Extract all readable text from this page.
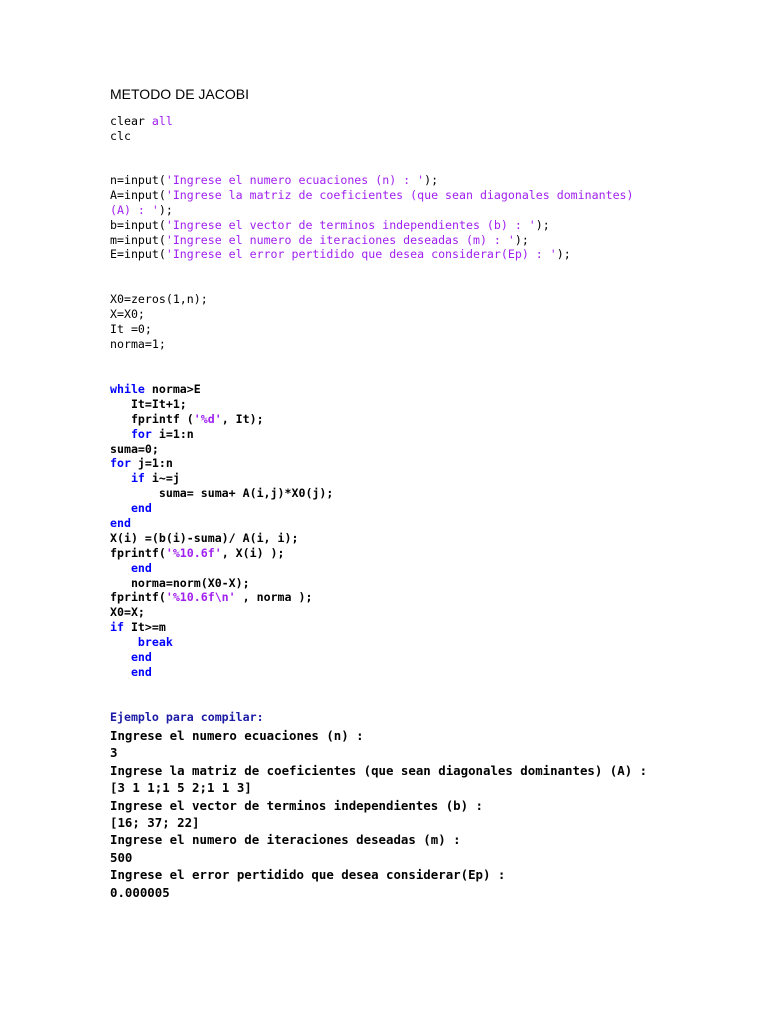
METODO DE JACOBI
clear all
clc
n=input('Ingrese el numero ecuaciones (n) : ');
A=input('Ingrese la matriz de coeficientes (que sean diagonales dominantes)
(A) : ');
b=input('Ingrese el vector de terminos independientes (b) : ');
m=input('Ingrese el numero de iteraciones deseadas (m) : ');
E=input('Ingrese el error pertidido que desea considerar(Ep) : ');
X0=zeros(1,n);
X=X0;
It =0;
norma=1;
while norma>E
It=It+1;
fprintf ('%d', It);
for i=1:n
suma=0;
for j=1:n
if i~=j
suma= suma+ A(i,j)*X0(j);
end
end
X(i) =(b(i)-suma)/ A(i, i);
fprintf('%10.6f', X(i) );
end
norma=norm(X0-X);
fprintf('%10.6f\n' , norma );
X0=X;
if It>=m
break
end
end
Ejemplo para compilar:
Ingrese el numero ecuaciones (n) :
3
Ingrese la matriz de coeficientes (que sean diagonales dominantes) (A) :
[3 1 1;1 5 2;1 1 3]
Ingrese el vector de terminos independientes (b) :
[16; 37; 22]
Ingrese el numero de iteraciones deseadas (m) :
500
Ingrese el error pertidido que desea considerar(Ep) :
0.000005
